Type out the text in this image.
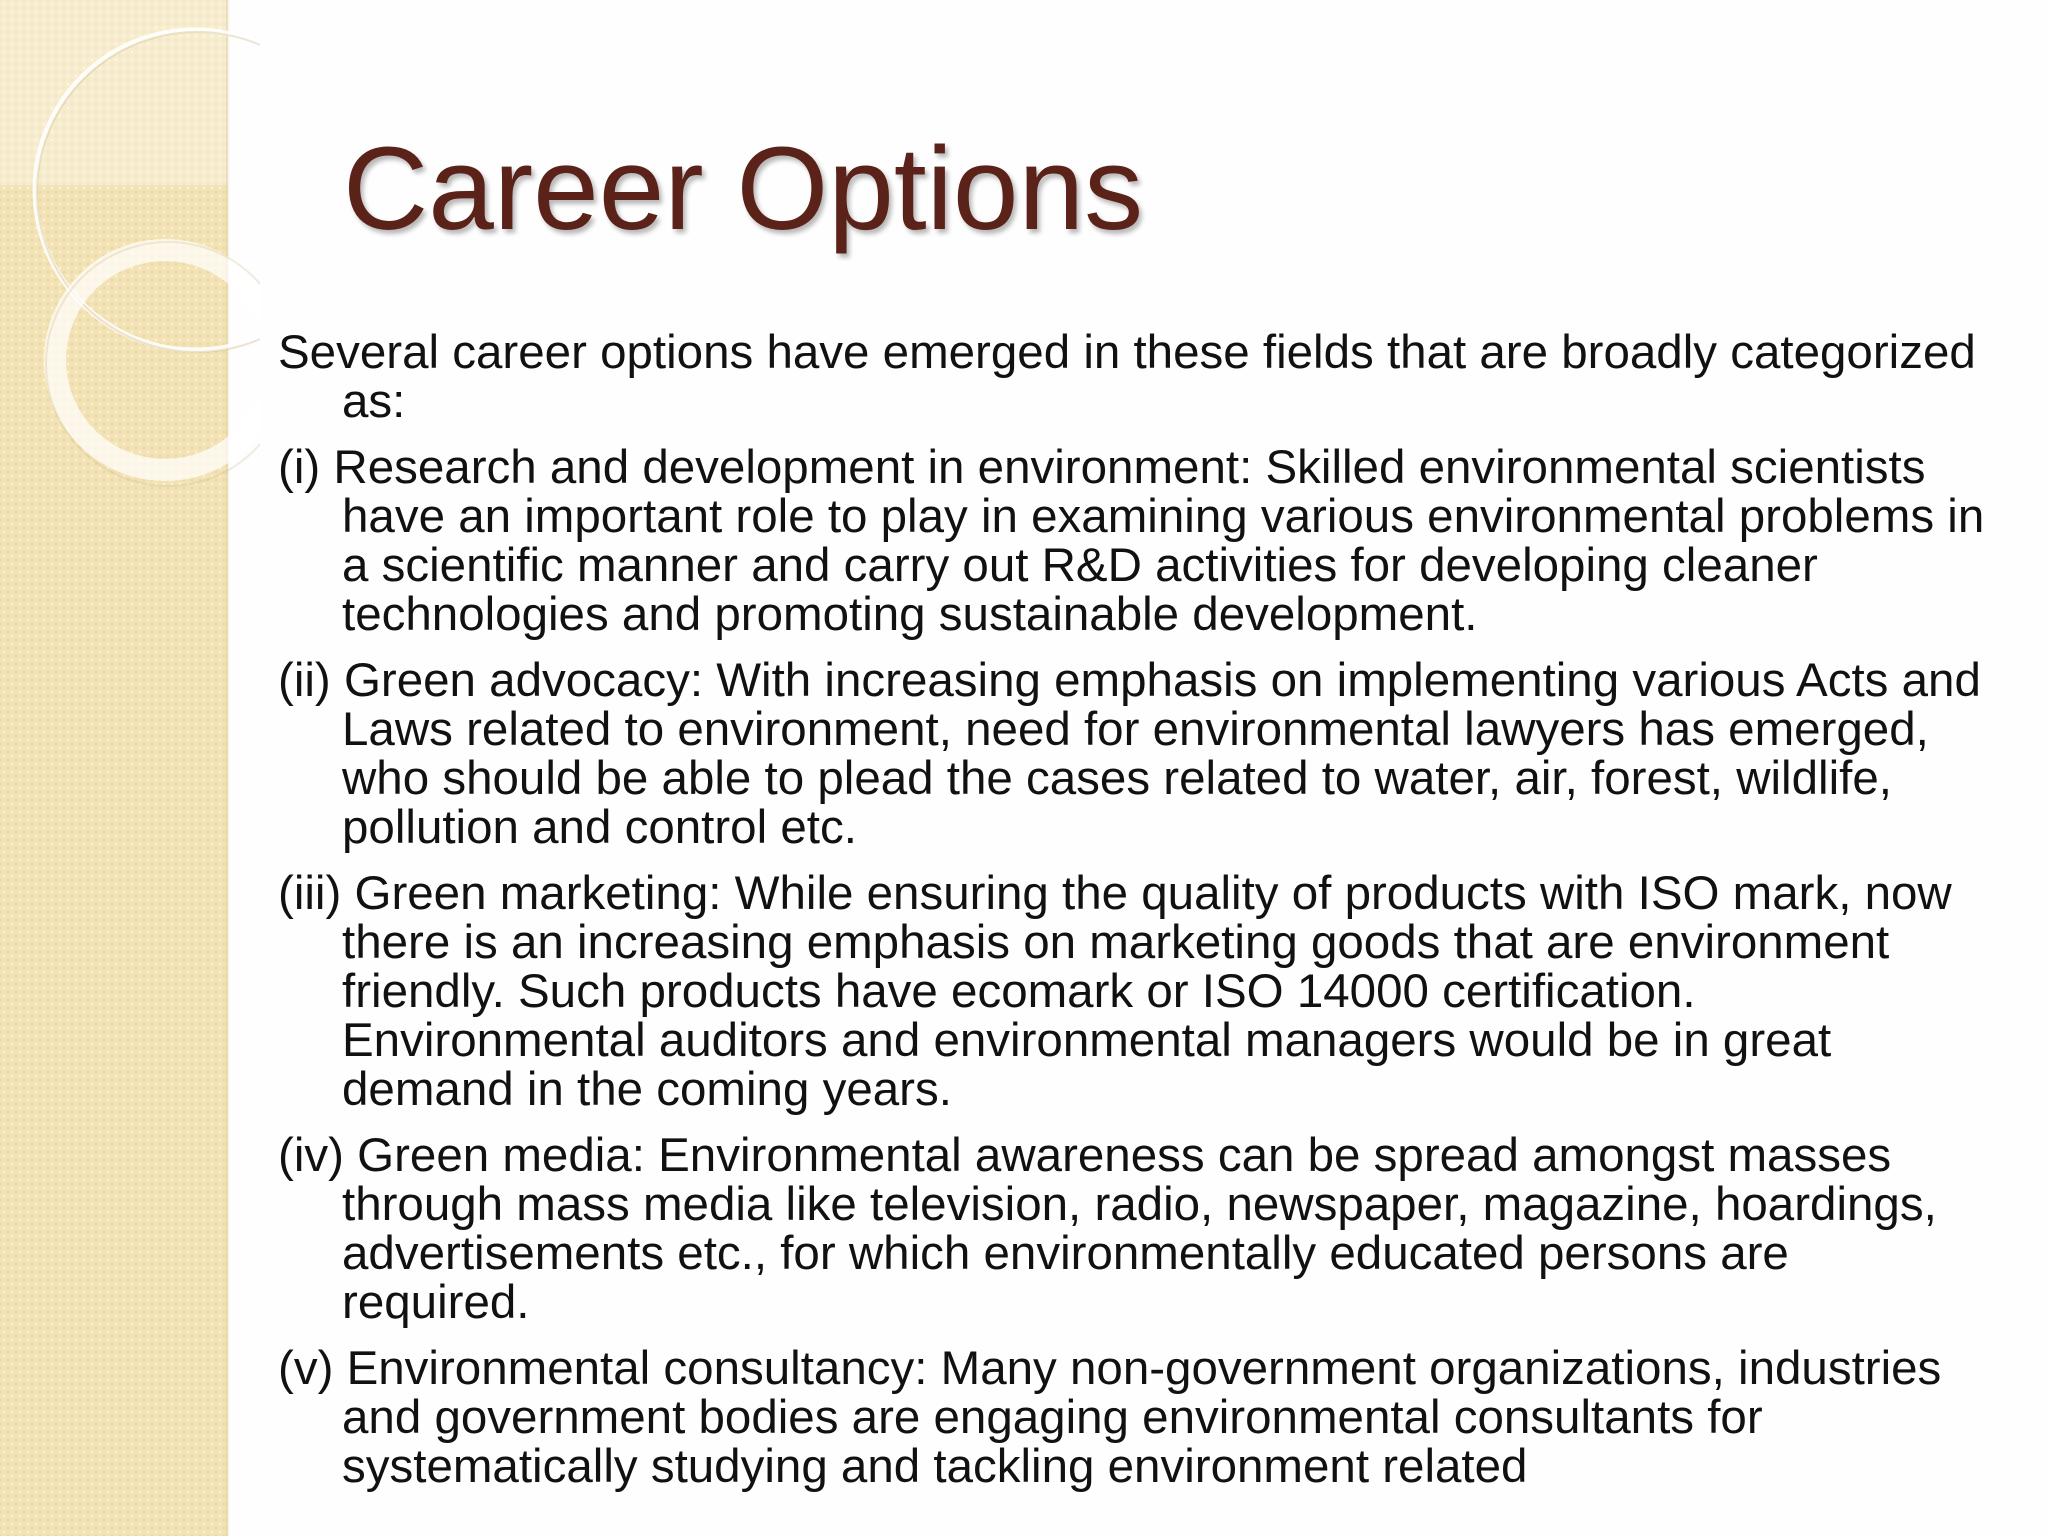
Career Options

Several career options have emerged in these fields that are broadly categorized as:

(i) Research and development in environment: Skilled environmental scientists have an important role to play in examining various environmental problems in a scientific manner and carry out R&D activities for developing cleaner technologies and promoting sustainable development.

(ii) Green advocacy: With increasing emphasis on implementing various Acts and Laws related to environment, need for environmental lawyers has emerged, who should be able to plead the cases related to water, air, forest, wildlife, pollution and control etc.

(iii) Green marketing: While ensuring the quality of products with ISO mark, now there is an increasing emphasis on marketing goods that are environment friendly. Such products have ecomark or ISO 14000 certification. Environmental auditors and environmental managers would be in great demand in the coming years.

(iv) Green media: Environmental awareness can be spread amongst masses through mass media like television, radio, newspaper, magazine, hoardings, advertisements etc., for which environmentally educated persons are required.

(v) Environmental consultancy: Many non-government organizations, industries and government bodies are engaging environmental consultants for systematically studying and tackling environment related
